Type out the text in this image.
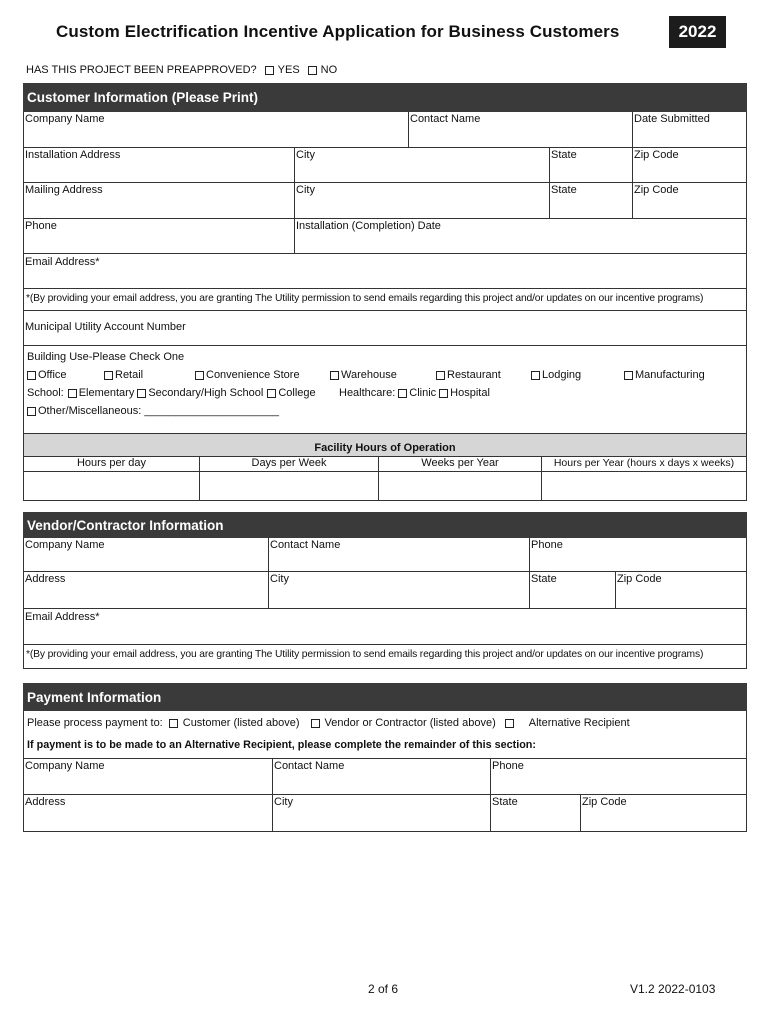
Custom Electrification Incentive Application for Business Customers	2022
HAS THIS PROJECT BEEN PREAPPROVED? YES NO
Customer Information (Please Print)
Company Name	Contact Name	Date Submitted
Installation Address	City	State	Zip Code
Mailing Address	City	State	Zip Code
Phone	Installation (Completion) Date
Email Address*
*(By providing your email address, you are granting The Utility permission to send emails regarding this project and/or updates on our incentive programs)
Municipal Utility Account Number
Building Use-Please Check One
Office	Retail	Convenience Store	Warehouse	Restaurant	Lodging	Manufacturing
School: Elementary Secondary/High School College Healthcare: Clinic Hospital
Other/Miscellaneous: ______________________
Facility Hours of Operation
Hours per day	Days per Week	Weeks per Year	Hours per Year (hours x days x weeks)
Vendor/Contractor Information
Company Name	Contact Name	Phone
Address	City	State	Zip Code
Email Address*
*(By providing your email address, you are granting The Utility permission to send emails regarding this project and/or updates on our incentive programs)
Payment Information
Please process payment to: Customer (listed above) Vendor or Contractor (listed above)	Alternative Recipient
If payment is to be made to an Alternative Recipient, please complete the remainder of this section:
Company Name	Contact Name	Phone
Address	City	State	Zip Code
2 of 6	V1.2 2022-0103
